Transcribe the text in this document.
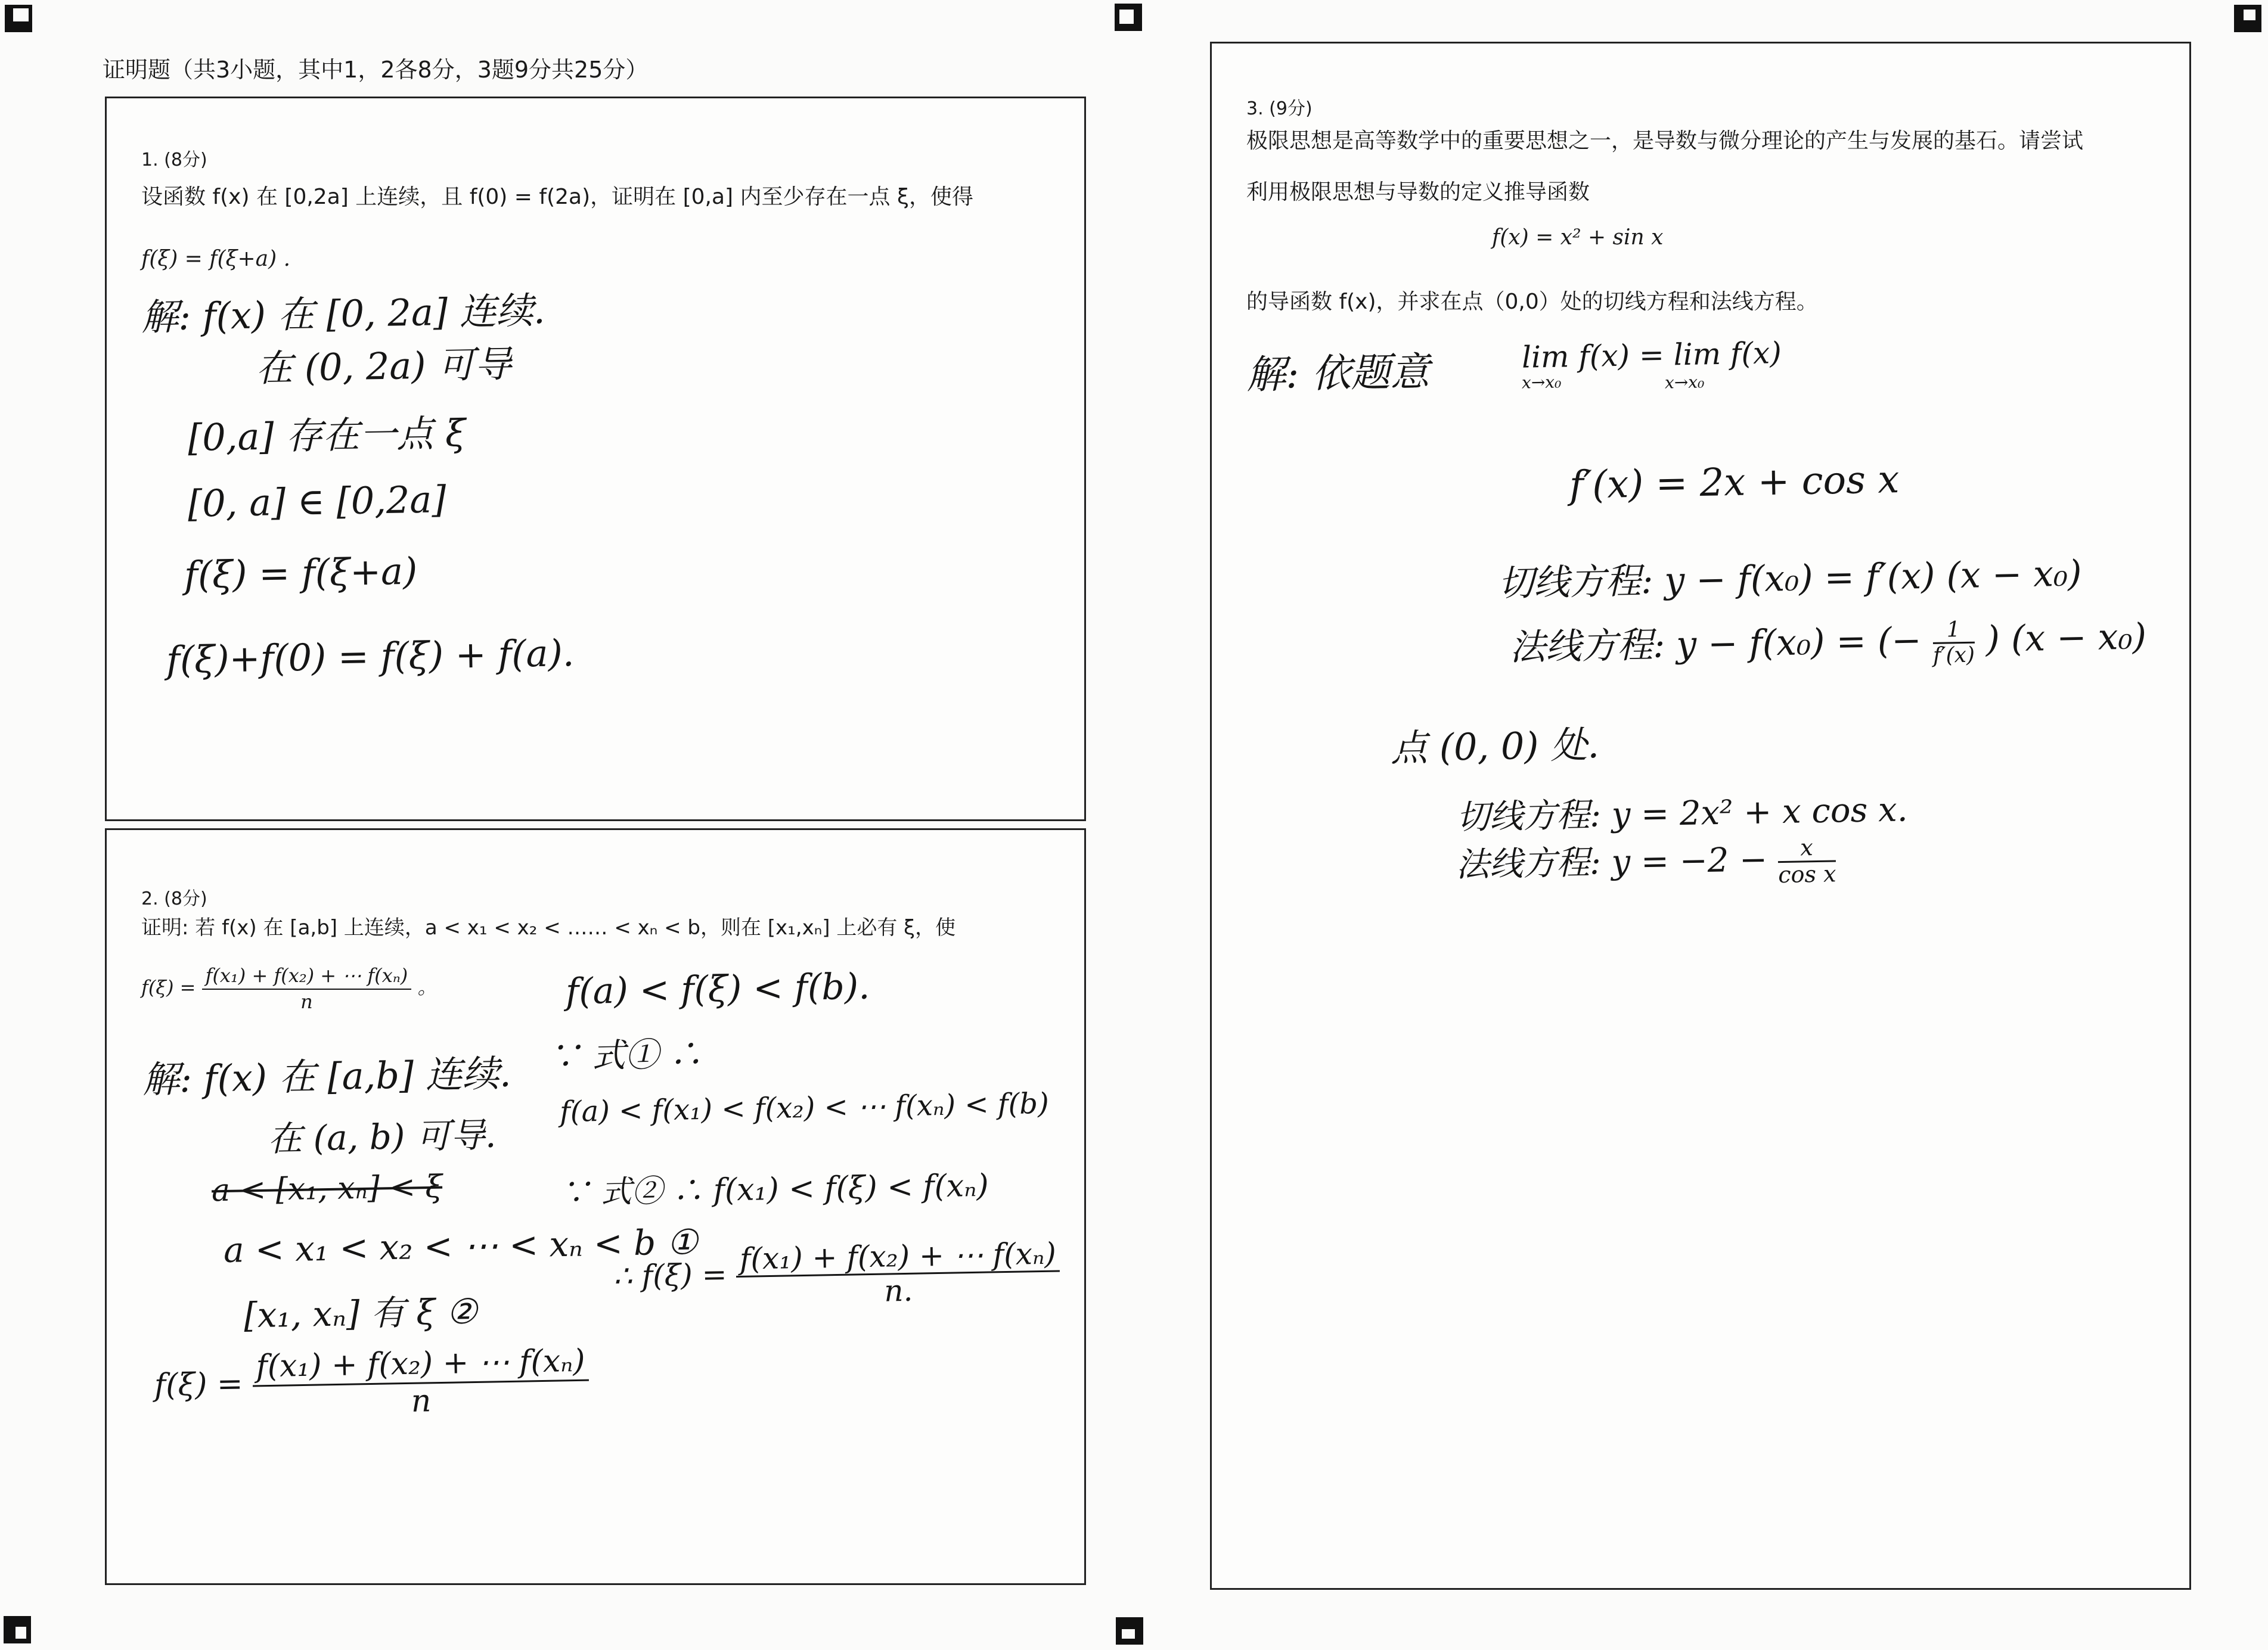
证明题（共3小题，其中1，2各8分，3题9分共25分）
1. (8分)
设函数 f(x) 在 [0,2a] 上连续，且 f(0) = f(2a)，证明在 [0,a] 内至少存在一点 ξ，使得
f(ξ) = f(ξ+a) .
解: f(x) 在 [0, 2a] 连续.
在 (0, 2a) 可导
[0,a] 存在一点 ξ
[0, a] ∈ [0,2a]
f(ξ) = f(ξ+a)
f(ξ)+f(0) = f(ξ) + f(a).
2. (8分)
证明: 若 f(x) 在 [a,b] 上连续，a < x₁ < x₂ < …… < xₙ < b，则在 [x₁,xₙ] 上必有 ξ，使
$f(\xi) = \frac{\text{f(x₁) + f(x₂) + ⋯ f(xₙ)}}{n}$ 。
解: f(x) 在 [a,b] 连续.
在 (a, b) 可导.
a < [x₁, xₙ] < ξ
a < x₁ < x₂ < ⋯ < xₙ < b ①
[x₁, xₙ] 有 ξ ②
$f(\xi) = \frac{\text{f(x₁) + f(x₂) + ⋯ f(xₙ)}}{n}$
f(a) < f(ξ) < f(b).
∵ 式① ∴
f(a) < f(x₁) < f(x₂) < ⋯ f(xₙ) < f(b)
∵ 式② ∴ f(x₁) < f(ξ) < f(xₙ)
∴ $f(\xi) = \frac{\text{f(x₁) + f(x₂) + ⋯ f(xₙ)}}{n.}$
3. (9分)
极限思想是高等数学中的重要思想之一，是导数与微分理论的产生与发展的基石。请尝试
利用极限思想与导数的定义推导函数
f(x) = x² + sin x
的导函数 f(x)，并求在点（0,0）处的切线方程和法线方程。
解: 依题意	lim f(x) = lim f(x)
x→x₀	x→x₀
f′(x) = 2x + cos x
切线方程: y − f(x₀) = f′(x) (x − x₀)
法线方程: y − f(x₀) = (− $\frac{1}{f'(x)}$ ) (x − x₀)
点 (0, 0) 处.
切线方程: y = 2x² + x cos x.
法线方程: $y = -2 - \frac{x}{\text{cos x}}$
